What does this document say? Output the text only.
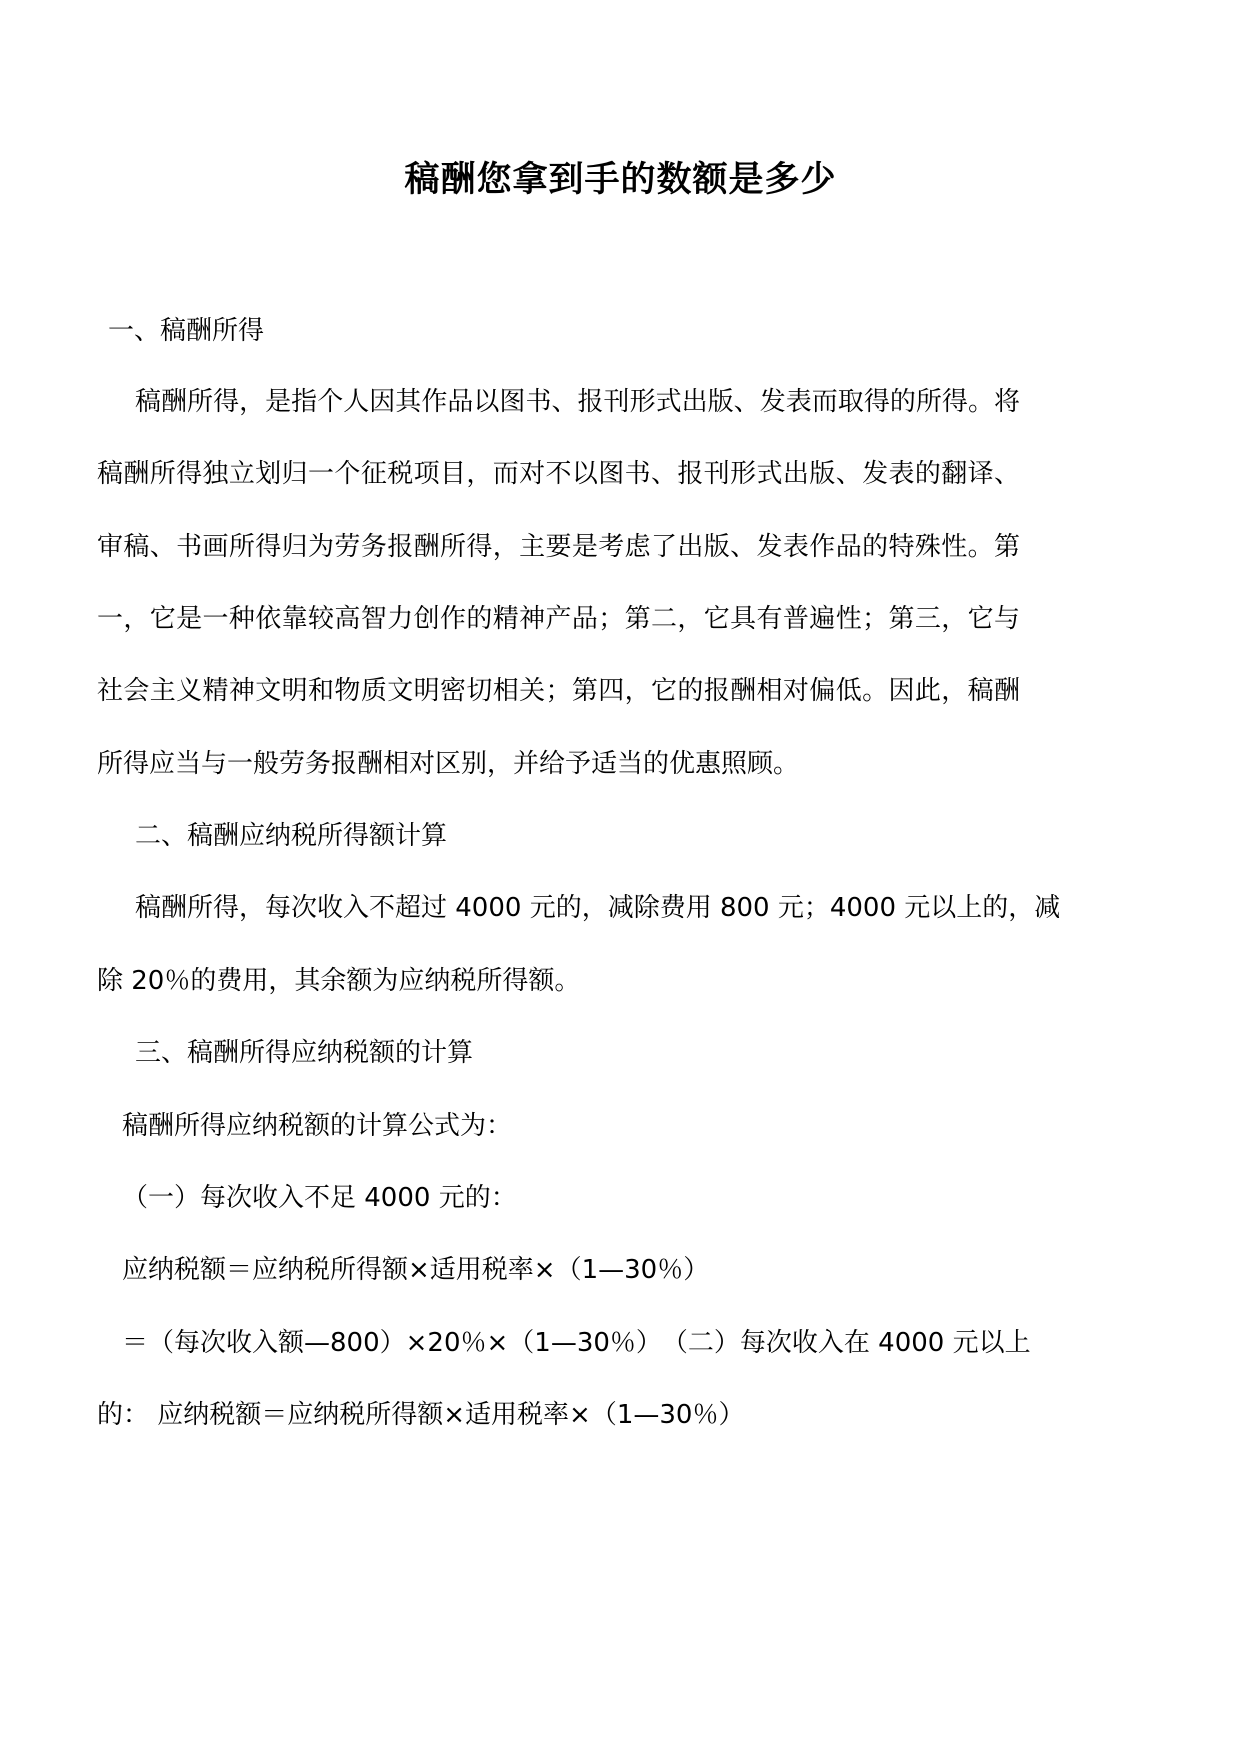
稿酬您拿到手的数额是多少
一、稿酬所得
稿酬所得，是指个人因其作品以图书、报刊形式出版、发表而取得的所得。将
稿酬所得独立划归一个征税项目，而对不以图书、报刊形式出版、发表的翻译、
审稿、书画所得归为劳务报酬所得，主要是考虑了出版、发表作品的特殊性。第
一，它是一种依靠较高智力创作的精神产品；第二，它具有普遍性；第三，它与
社会主义精神文明和物质文明密切相关；第四，它的报酬相对偏低。因此，稿酬
所得应当与一般劳务报酬相对区别，并给予适当的优惠照顾。
二、稿酬应纳税所得额计算
稿酬所得，每次收入不超过 4000 元的，减除费用 800 元；4000 元以上的，减
除 20％的费用，其余额为应纳税所得额。
三、稿酬所得应纳税额的计算
稿酬所得应纳税额的计算公式为：
（一）每次收入不足 4000 元的：
应纳税额＝应纳税所得额×适用税率×（1—30％）
＝（每次收入额—800）×20％×（1—30％）　（二）每次收入在 4000 元以上
的： 应纳税额＝应纳税所得额×适用税率×（1—30％）
